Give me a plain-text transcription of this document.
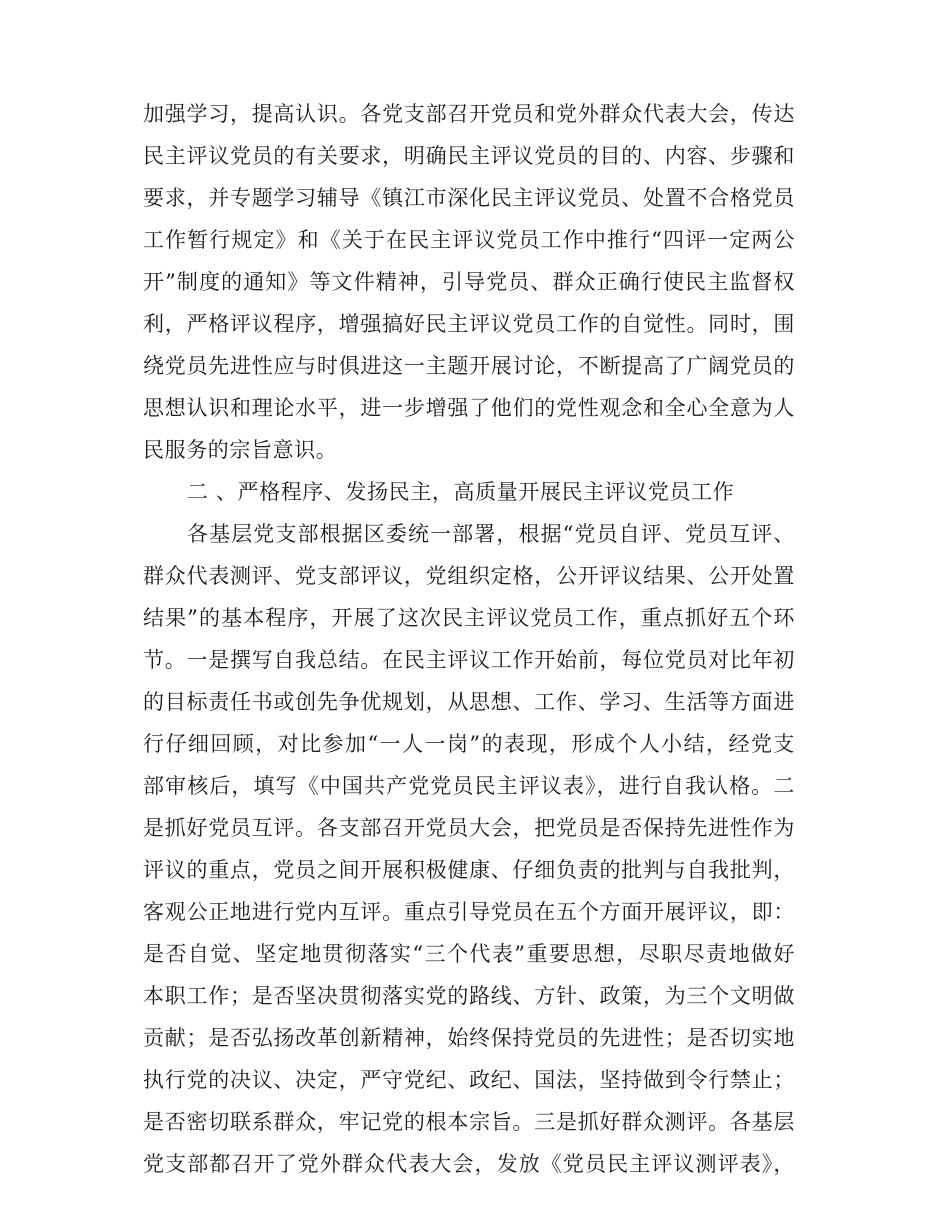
加强学习，提高认识。各党支部召开党员和党外群众代表大会，传达
民主评议党员的有关要求，明确民主评议党员的目的、内容、步骤和
要求，并专题学习辅导《镇江市深化民主评议党员、处置不合格党员
工作暂行规定》和《关于在民主评议党员工作中推行“四评一定两公
开”制度的通知》等文件精神，引导党员、群众正确行使民主监督权
利，严格评议程序，增强搞好民主评议党员工作的自觉性。同时，围
绕党员先进性应与时俱进这一主题开展讨论，不断提高了广阔党员的
思想认识和理论水平，进一步增强了他们的党性观念和全心全意为人
民服务的宗旨意识。
二 、严格程序、发扬民主，高质量开展民主评议党员工作
各基层党支部根据区委统一部署，根据“党员自评、党员互评、
群众代表测评、党支部评议，党组织定格，公开评议结果、公开处置
结果”的基本程序，开展了这次民主评议党员工作，重点抓好五个环
节。一是撰写自我总结。在民主评议工作开始前，每位党员对比年初
的目标责任书或创先争优规划，从思想、工作、学习、生活等方面进
行仔细回顾，对比参加“一人一岗”的表现，形成个人小结，经党支
部审核后，填写《中国共产党党员民主评议表》，进行自我认格。二
是抓好党员互评。各支部召开党员大会，把党员是否保持先进性作为
评议的重点，党员之间开展积极健康、仔细负责的批判与自我批判，
客观公正地进行党内互评。重点引导党员在五个方面开展评议，即：
是否自觉、坚定地贯彻落实“三个代表”重要思想，尽职尽责地做好
本职工作；是否坚决贯彻落实党的路线、方针、政策，为三个文明做
贡献；是否弘扬改革创新精神，始终保持党员的先进性；是否切实地
执行党的决议、决定，严守党纪、政纪、国法，坚持做到令行禁止；
是否密切联系群众，牢记党的根本宗旨。三是抓好群众测评。各基层
党支部都召开了党外群众代表大会，发放《党员民主评议测评表》，
